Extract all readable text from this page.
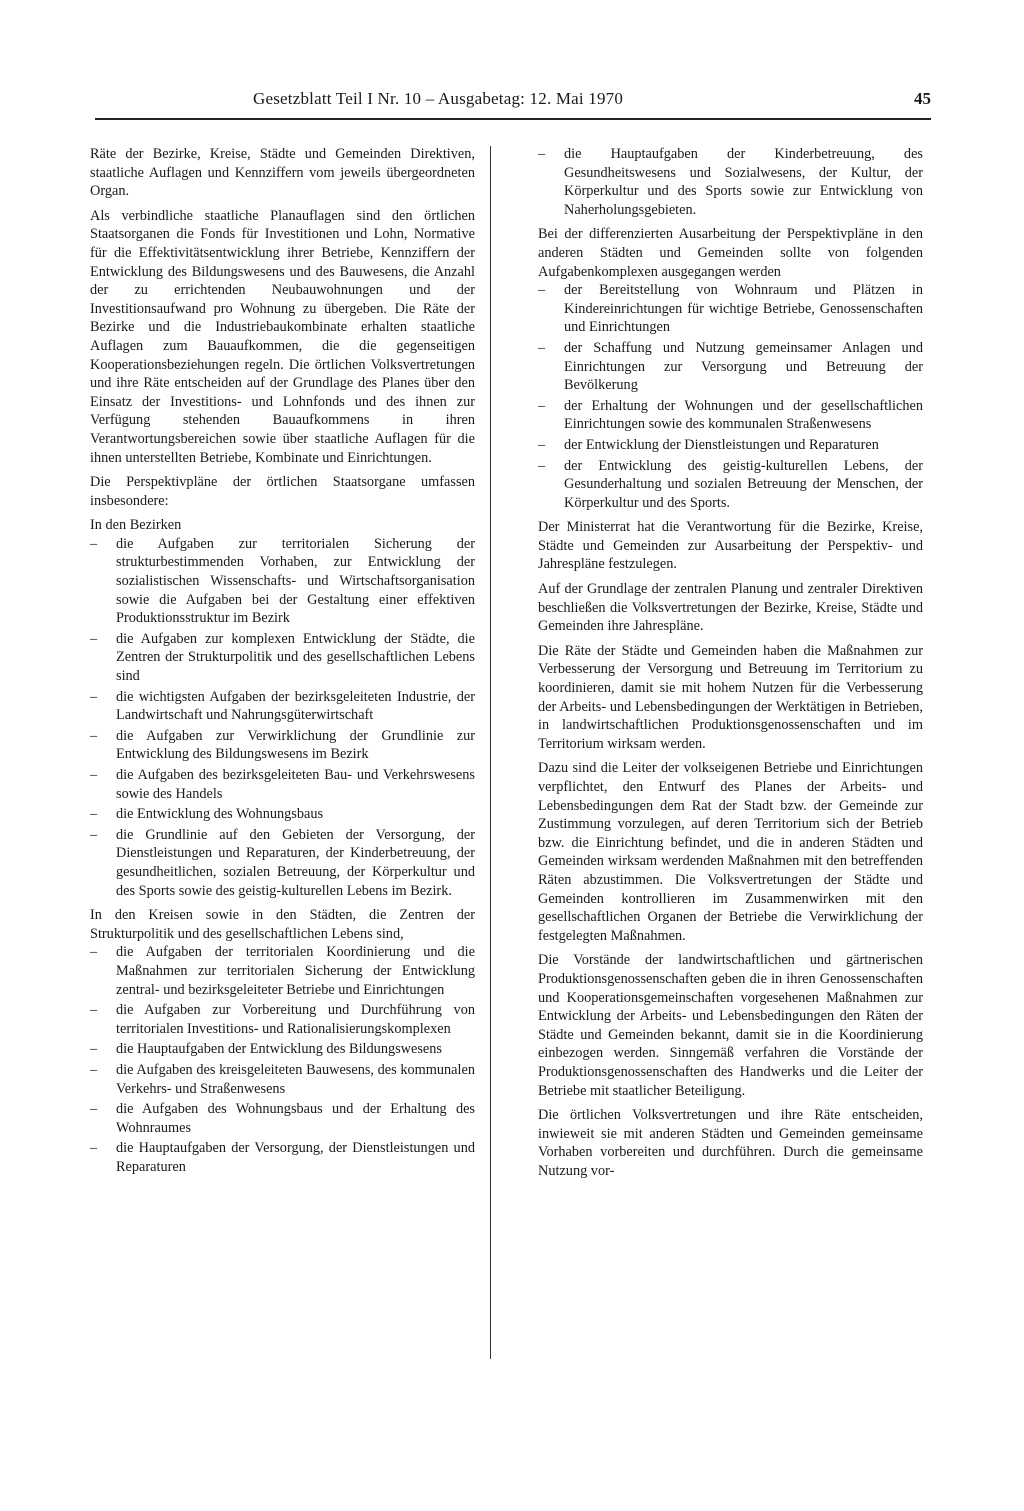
Gesetzblatt Teil I Nr. 10 – Ausgabetag: 12. Mai 1970	45

Räte der Bezirke, Kreise, Städte und Gemeinden Direktiven, staatliche Auflagen und Kennziffern vom jeweils übergeordneten Organ.

Als verbindliche staatliche Planauflagen sind den örtlichen Staatsorganen die Fonds für Investitionen und Lohn, Normative für die Effektivitätsentwicklung ihrer Betriebe, Kennziffern der Entwicklung des Bildungswesens und des Bauwesens, die Anzahl der zu errichtenden Neubauwohnungen und der Investitionsaufwand pro Wohnung zu übergeben. Die Räte der Bezirke und die Industriebaukombinate erhalten staatliche Auflagen zum Bauaufkommen, die die gegenseitigen Kooperationsbeziehungen regeln. Die örtlichen Volksvertretungen und ihre Räte entscheiden auf der Grundlage des Planes über den Einsatz der Investitions- und Lohnfonds und des ihnen zur Verfügung stehenden Bauaufkommens in ihren Verantwortungsbereichen sowie über staatliche Auflagen für die ihnen unterstellten Betriebe, Kombinate und Einrichtungen.

Die Perspektivpläne der örtlichen Staatsorgane umfassen insbesondere:

In den Bezirken

– die Aufgaben zur territorialen Sicherung der strukturbestimmenden Vorhaben, zur Entwicklung der sozialistischen Wissenschafts- und Wirtschaftsorganisation sowie die Aufgaben bei der Gestaltung einer effektiven Produktionsstruktur im Bezirk
– die Aufgaben zur komplexen Entwicklung der Städte, die Zentren der Strukturpolitik und des gesellschaftlichen Lebens sind
– die wichtigsten Aufgaben der bezirksgeleiteten Industrie, der Landwirtschaft und Nahrungsgüterwirtschaft
– die Aufgaben zur Verwirklichung der Grundlinie zur Entwicklung des Bildungswesens im Bezirk
– die Aufgaben des bezirksgeleiteten Bau- und Verkehrswesens sowie des Handels
– die Entwicklung des Wohnungsbaus
– die Grundlinie auf den Gebieten der Versorgung, der Dienstleistungen und Reparaturen, der Kinderbetreuung, der gesundheitlichen, sozialen Betreuung, der Körperkultur und des Sports sowie des geistig-kulturellen Lebens im Bezirk.

In den Kreisen sowie in den Städten, die Zentren der Strukturpolitik und des gesellschaftlichen Lebens sind,

– die Aufgaben der territorialen Koordinierung und die Maßnahmen zur territorialen Sicherung der Entwicklung zentral- und bezirksgeleiteter Betriebe und Einrichtungen
– die Aufgaben zur Vorbereitung und Durchführung von territorialen Investitions- und Rationalisierungskomplexen
– die Hauptaufgaben der Entwicklung des Bildungswesens
– die Aufgaben des kreisgeleiteten Bauwesens, des kommunalen Verkehrs- und Straßenwesens
– die Aufgaben des Wohnungsbaus und der Erhaltung des Wohnraumes
– die Hauptaufgaben der Versorgung, der Dienstleistungen und Reparaturen
– die Hauptaufgaben der Kinderbetreuung, des Gesundheitswesens und Sozialwesens, der Kultur, der Körperkultur und des Sports sowie zur Entwicklung von Naherholungsgebieten.

Bei der differenzierten Ausarbeitung der Perspektivpläne in den anderen Städten und Gemeinden sollte von folgenden Aufgabenkomplexen ausgegangen werden

– der Bereitstellung von Wohnraum und Plätzen in Kindereinrichtungen für wichtige Betriebe, Genossenschaften und Einrichtungen
– der Schaffung und Nutzung gemeinsamer Anlagen und Einrichtungen zur Versorgung und Betreuung der Bevölkerung
– der Erhaltung der Wohnungen und der gesellschaftlichen Einrichtungen sowie des kommunalen Straßenwesens
– der Entwicklung der Dienstleistungen und Reparaturen
– der Entwicklung des geistig-kulturellen Lebens, der Gesunderhaltung und sozialen Betreuung der Menschen, der Körperkultur und des Sports.

Der Ministerrat hat die Verantwortung für die Bezirke, Kreise, Städte und Gemeinden zur Ausarbeitung der Perspektiv- und Jahrespläne festzulegen.

Auf der Grundlage der zentralen Planung und zentraler Direktiven beschließen die Volksvertretungen der Bezirke, Kreise, Städte und Gemeinden ihre Jahrespläne.

Die Räte der Städte und Gemeinden haben die Maßnahmen zur Verbesserung der Versorgung und Betreuung im Territorium zu koordinieren, damit sie mit hohem Nutzen für die Verbesserung der Arbeits- und Lebensbedingungen der Werktätigen in Betrieben, in landwirtschaftlichen Produktionsgenossenschaften und im Territorium wirksam werden.

Dazu sind die Leiter der volkseigenen Betriebe und Einrichtungen verpflichtet, den Entwurf des Planes der Arbeits- und Lebensbedingungen dem Rat der Stadt bzw. der Gemeinde zur Zustimmung vorzulegen, auf deren Territorium sich der Betrieb bzw. die Einrichtung befindet, und die in anderen Städten und Gemeinden wirksam werdenden Maßnahmen mit den betreffenden Räten abzustimmen. Die Volksvertretungen der Städte und Gemeinden kontrollieren im Zusammenwirken mit den gesellschaftlichen Organen der Betriebe die Verwirklichung der festgelegten Maßnahmen.

Die Vorstände der landwirtschaftlichen und gärtnerischen Produktionsgenossenschaften geben die in ihren Genossenschaften und Kooperationsgemeinschaften vorgesehenen Maßnahmen zur Entwicklung der Arbeits- und Lebensbedingungen den Räten der Städte und Gemeinden bekannt, damit sie in die Koordinierung einbezogen werden. Sinngemäß verfahren die Vorstände der Produktionsgenossenschaften des Handwerks und die Leiter der Betriebe mit staatlicher Beteiligung.

Die örtlichen Volksvertretungen und ihre Räte entscheiden, inwieweit sie mit anderen Städten und Gemeinden gemeinsame Vorhaben vorbereiten und durchführen. Durch die gemeinsame Nutzung vor-
